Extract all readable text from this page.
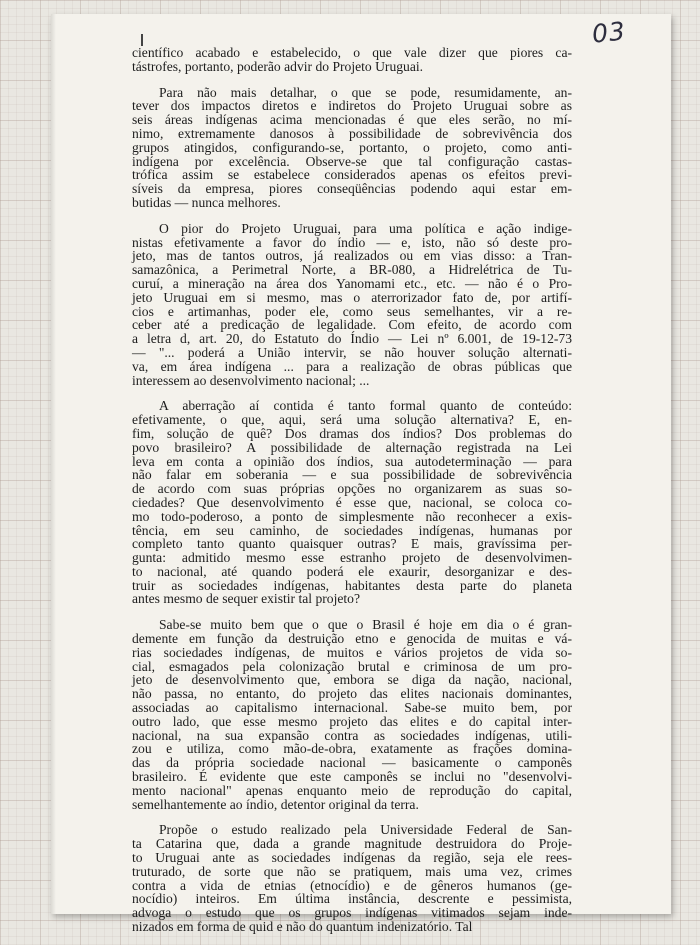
03
científico acabado e estabelecido, o que vale dizer que piores ca-
tástrofes, portanto, poderão advir do Projeto Uruguai.
Para não mais detalhar, o que se pode, resumidamente, an-
tever dos impactos diretos e indiretos do Projeto Uruguai sobre as
seis áreas indígenas acima mencionadas é que eles serão, no mí-
nimo, extremamente danosos à possibilidade de sobrevivência dos
grupos atingidos, configurando-se, portanto, o projeto, como anti-
indígena por excelência. Observe-se que tal configuração castas-
trófica assim se estabelece considerados apenas os efeitos previ-
síveis da empresa, piores conseqüências podendo aqui estar em-
butidas — nunca melhores.
O pior do Projeto Uruguai, para uma política e ação indige-
nistas efetivamente a favor do índio — e, isto, não só deste pro-
jeto, mas de tantos outros, já realizados ou em vias disso: a Tran-
samazônica, a Perimetral Norte, a BR-080, a Hidrelétrica de Tu-
curuí, a mineração na área dos Yanomami etc., etc. — não é o Pro-
jeto Uruguai em si mesmo, mas o aterrorizador fato de, por artifí-
cios e artimanhas, poder ele, como seus semelhantes, vir a re-
ceber até a predicação de legalidade. Com efeito, de acordo com
a letra d, art. 20, do Estatuto do Índio — Lei nº 6.001, de 19-12-73
— "... poderá a União intervir, se não houver solução alternati-
va, em área indígena ... para a realização de obras públicas que
interessem ao desenvolvimento nacional; ...
A aberração aí contida é tanto formal quanto de conteúdo:
efetivamente, o que, aqui, será uma solução alternativa? E, en-
fim, solução de quê? Dos dramas dos índios? Dos problemas do
povo brasileiro? A possibilidade de alternação registrada na Lei
leva em conta a opinião dos índios, sua autodeterminação — para
não falar em soberania — e sua possibilidade de sobrevivência
de acordo com suas próprias opções no organizarem as suas so-
ciedades? Que desenvolvimento é esse que, nacional, se coloca co-
mo todo-poderoso, a ponto de simplesmente não reconhecer a exis-
tência, em seu caminho, de sociedades indígenas, humanas por
completo tanto quanto quaisquer outras? E mais, gravíssima per-
gunta: admitido mesmo esse estranho projeto de desenvolvimen-
to nacional, até quando poderá ele exaurir, desorganizar e des-
truir as sociedades indígenas, habitantes desta parte do planeta
antes mesmo de sequer existir tal projeto?
Sabe-se muito bem que o que o Brasil é hoje em dia o é gran-
demente em função da destruição etno e genocida de muitas e vá-
rias sociedades indígenas, de muitos e vários projetos de vida so-
cial, esmagados pela colonização brutal e criminosa de um pro-
jeto de desenvolvimento que, embora se diga da nação, nacional,
não passa, no entanto, do projeto das elites nacionais dominantes,
associadas ao capitalismo internacional. Sabe-se muito bem, por
outro lado, que esse mesmo projeto das elites e do capital inter-
nacional, na sua expansão contra as sociedades indígenas, utili-
zou e utiliza, como mão-de-obra, exatamente as frações domina-
das da própria sociedade nacional — basicamente o camponês
brasileiro. É evidente que este camponês se inclui no "desenvolvi-
mento nacional" apenas enquanto meio de reprodução do capital,
semelhantemente ao índio, detentor original da terra.
Propõe o estudo realizado pela Universidade Federal de San-
ta Catarina que, dada a grande magnitude destruidora do Proje-
to Uruguai ante as sociedades indígenas da região, seja ele rees-
truturado, de sorte que não se pratiquem, mais uma vez, crimes
contra a vida de etnias (etnocídio) e de gêneros humanos (ge-
nocídio) inteiros. Em última instância, descrente e pessimista,
advoga o estudo que os grupos indígenas vitimados sejam inde-
nizados em forma de quid e não do quantum indenizatório. Tal
